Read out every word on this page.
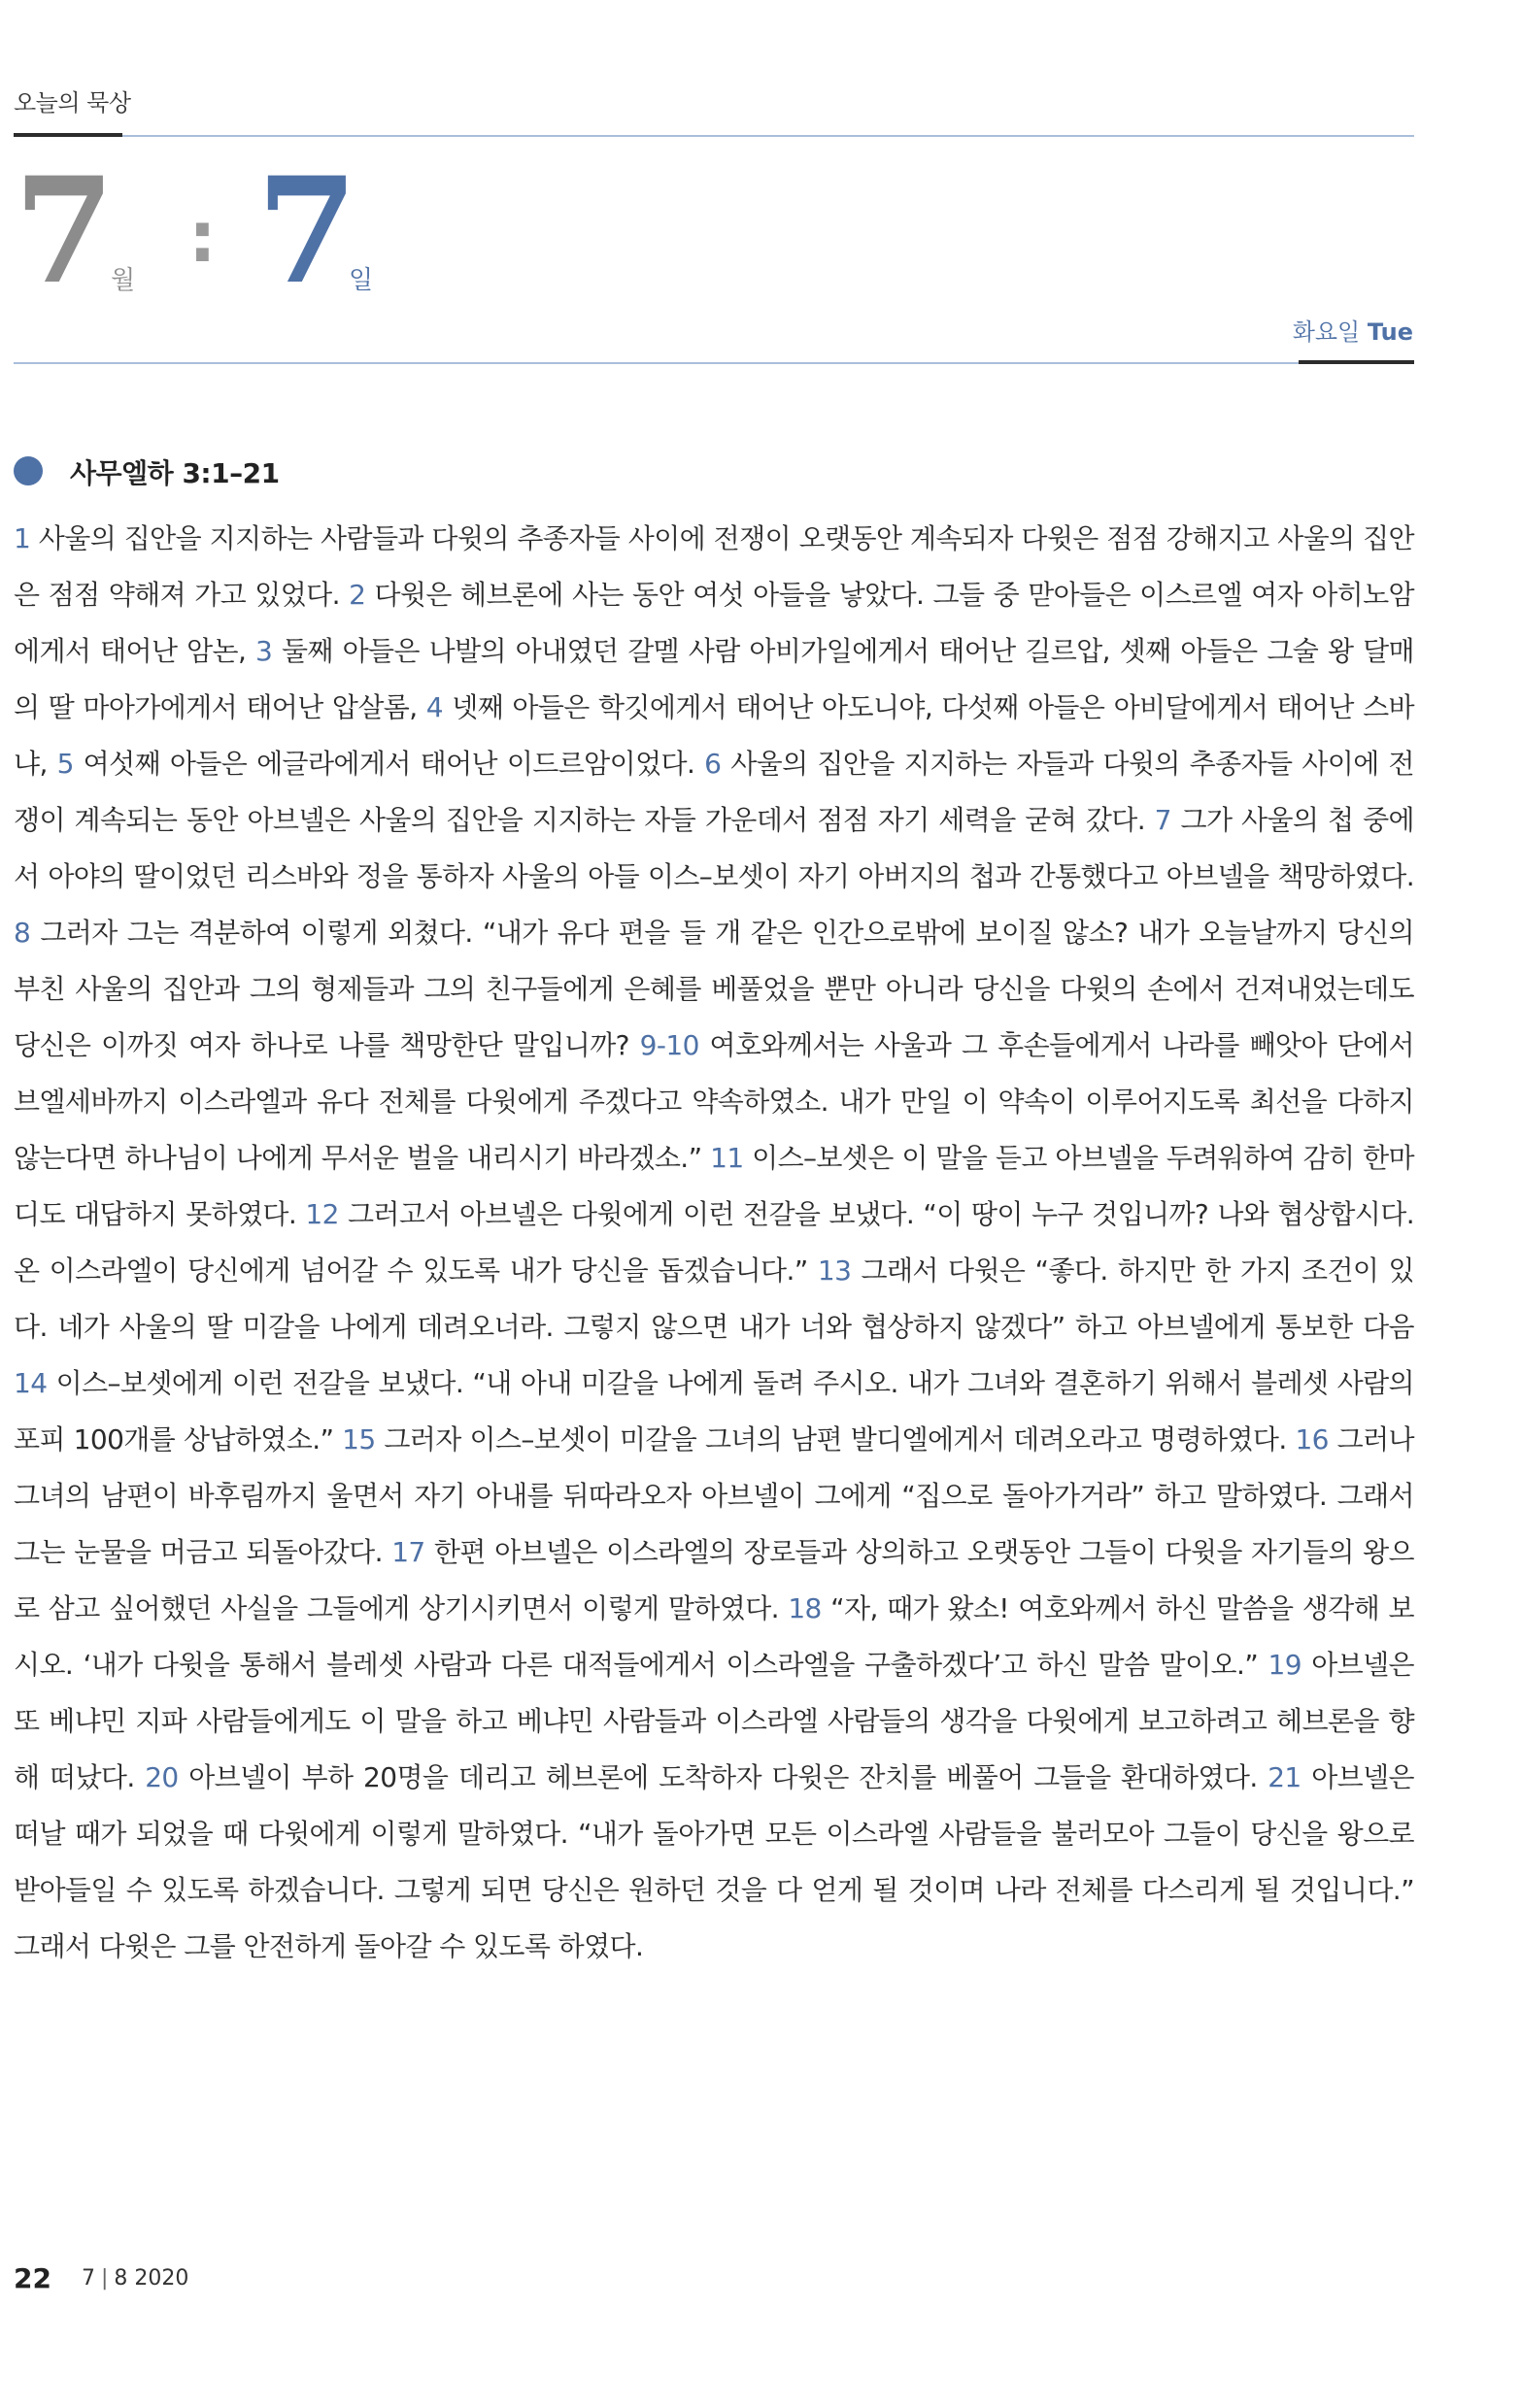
오늘의 묵상
7 월
: 7
일
화요일 Tue
사무엘하 3:1–21
1 사울의 집안을 지지하는 사람들과 다윗의 추종자들 사이에 전쟁이 오랫동안 계속되자 다윗은 점점 강해지고 사울의 집안은 점점 약해져 가고 있었다. 2 다윗은 헤브론에 사는 동안 여섯 아들을 낳았다. 그들 중 맏아들은 이스르엘 여자 아히노암에게서 태어난 암논, 3 둘째 아들은 나발의 아내였던 갈멜 사람 아비가일에게서 태어난 길르압, 셋째 아들은 그술 왕 달매의 딸 마아가에게서 태어난 압살롬, 4 넷째 아들은 학깃에게서 태어난 아도니야, 다섯째 아들은 아비달에게서 태어난 스바냐, 5 여섯째 아들은 에글라에게서 태어난 이드르암이었다. 6 사울의 집안을 지지하는 자들과 다윗의 추종자들 사이에 전쟁이 계속되는 동안 아브넬은 사울의 집안을 지지하는 자들 가운데서 점점 자기 세력을 굳혀 갔다. 7 그가 사울의 첩 중에서 아야의 딸이었던 리스바와 정을 통하자 사울의 아들 이스–보셋이 자기 아버지의 첩과 간통했다고 아브넬을 책망하였다. 8 그러자 그는 격분하여 이렇게 외쳤다. “내가 유다 편을 들 개 같은 인간으로밖에 보이질 않소? 내가 오늘날까지 당신의 부친 사울의 집안과 그의 형제들과 그의 친구들에게 은혜를 베풀었을 뿐만 아니라 당신을 다윗의 손에서 건져내었는데도 당신은 이까짓 여자 하나로 나를 책망한단 말입니까? 9-10 여호와께서는 사울과 그 후손들에게서 나라를 빼앗아 단에서 브엘세바까지 이스라엘과 유다 전체를 다윗에게 주겠다고 약속하였소. 내가 만일 이 약속이 이루어지도록 최선을 다하지 않는다면 하나님이 나에게 무서운 벌을 내리시기 바라겠소.” 11 이스–보셋은 이 말을 듣고 아브넬을 두려워하여 감히 한마디도 대답하지 못하였다. 12 그러고서 아브넬은 다윗에게 이런 전갈을 보냈다. “이 땅이 누구 것입니까? 나와 협상합시다. 온 이스라엘이 당신에게 넘어갈 수 있도록 내가 당신을 돕겠습니다.” 13 그래서 다윗은 “좋다. 하지만 한 가지 조건이 있다. 네가 사울의 딸 미갈을 나에게 데려오너라. 그렇지 않으면 내가 너와 협상하지 않겠다” 하고 아브넬에게 통보한 다음 14 이스–보셋에게 이런 전갈을 보냈다. “내 아내 미갈을 나에게 돌려 주시오. 내가 그녀와 결혼하기 위해서 블레셋 사람의 포피 100개를 상납하였소.” 15 그러자 이스–보셋이 미갈을 그녀의 남편 발디엘에게서 데려오라고 명령하였다. 16 그러나 그녀의 남편이 바후림까지 울면서 자기 아내를 뒤따라오자 아브넬이 그에게 “집으로 돌아가거라” 하고 말하였다. 그래서 그는 눈물을 머금고 되돌아갔다. 17 한편 아브넬은 이스라엘의 장로들과 상의하고 오랫동안 그들이 다윗을 자기들의 왕으로 삼고 싶어했던 사실을 그들에게 상기시키면서 이렇게 말하였다. 18 “자, 때가 왔소! 여호와께서 하신 말씀을 생각해 보시오. ‘내가 다윗을 통해서 블레셋 사람과 다른 대적들에게서 이스라엘을 구출하겠다’고 하신 말씀 말이오.” 19 아브넬은 또 베냐민 지파 사람들에게도 이 말을 하고 베냐민 사람들과 이스라엘 사람들의 생각을 다윗에게 보고하려고 헤브론을 향해 떠났다. 20 아브넬이 부하 20명을 데리고 헤브론에 도착하자 다윗은 잔치를 베풀어 그들을 환대하였다. 21 아브넬은 떠날 때가 되었을 때 다윗에게 이렇게 말하였다. “내가 돌아가면 모든 이스라엘 사람들을 불러모아 그들이 당신을 왕으로 받아들일 수 있도록 하겠습니다. 그렇게 되면 당신은 원하던 것을 다 얻게 될 것이며 나라 전체를 다스리게 될 것입니다.” 그래서 다윗은 그를 안전하게 돌아갈 수 있도록 하였다.
22 7 | 8 2020
